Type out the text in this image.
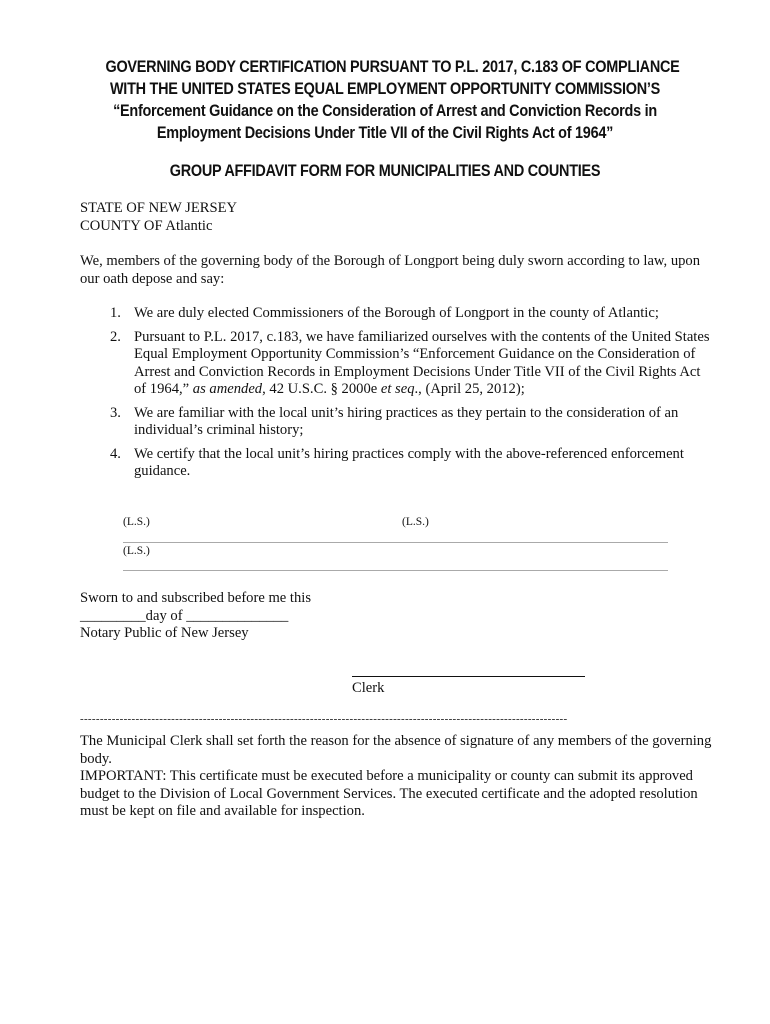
GOVERNING BODY CERTIFICATION PURSUANT TO P.L. 2017, C.183 OF COMPLIANCE
WITH THE UNITED STATES EQUAL EMPLOYMENT OPPORTUNITY COMMISSION’S
“Enforcement Guidance on the Consideration of Arrest and Conviction Records in
Employment Decisions Under Title VII of the Civil Rights Act of 1964”
GROUP AFFIDAVIT FORM FOR MUNICIPALITIES AND COUNTIES
STATE OF NEW JERSEY
COUNTY OF Atlantic
We, members of the governing body of the Borough of Longport being duly sworn according to law, upon our oath depose and say:
1. We are duly elected Commissioners of the Borough of Longport in the county of Atlantic;
2. Pursuant to P.L. 2017, c.183, we have familiarized ourselves with the contents of the United States Equal Employment Opportunity Commission’s “Enforcement Guidance on the Consideration of Arrest and Conviction Records in Employment Decisions Under Title VII of the Civil Rights Act of 1964,” as amended, 42 U.S.C. § 2000e et seq., (April 25, 2012);
3. We are familiar with the local unit’s hiring practices as they pertain to the consideration of an individual’s criminal history;
4. We certify that the local unit’s hiring practices comply with the above-referenced enforcement guidance.
(L.S.)	(L.S.)
(L.S.)
Sworn to and subscribed before me this
_________day of ______________
Notary Public of New Jersey
Clerk
---------------------------------------------------------------------------------------------------------------------------

The Municipal Clerk shall set forth the reason for the absence of signature of any members of the governing body.

IMPORTANT: This certificate must be executed before a municipality or county can submit its approved budget to the Division of Local Government Services. The executed certificate and the adopted resolution must be kept on file and available for inspection.
